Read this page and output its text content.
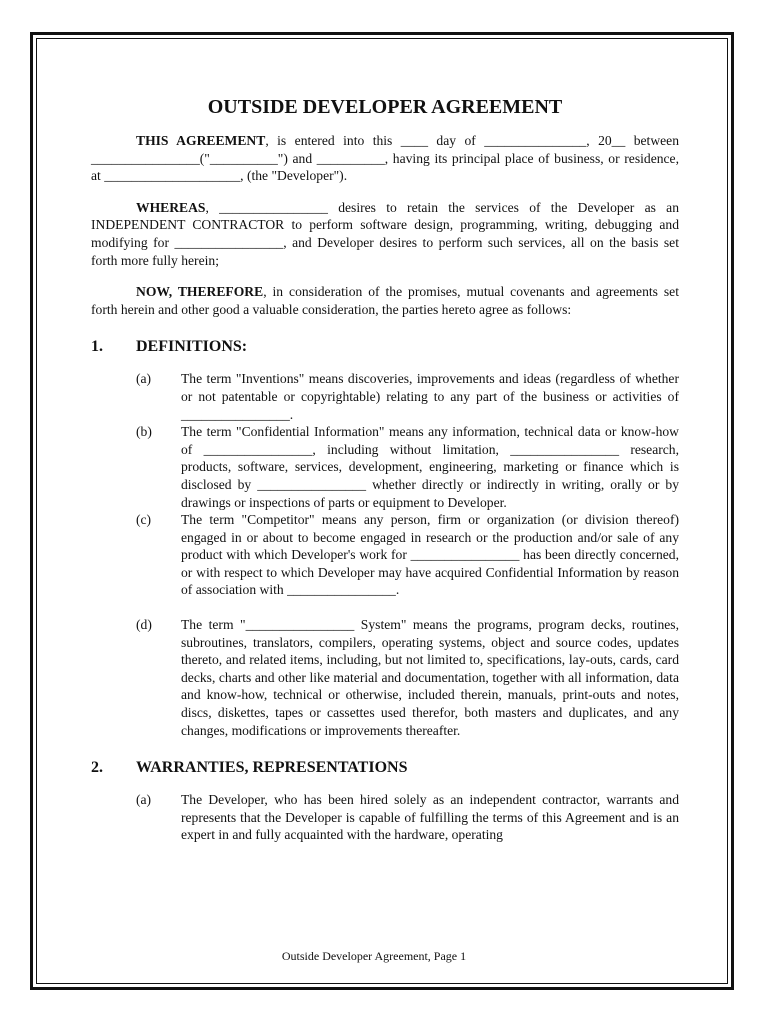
OUTSIDE DEVELOPER AGREEMENT

THIS AGREEMENT, is entered into this ____ day of _______________, 20__ between ________________("__________") and __________, having its principal place of business, or residence, at ____________________, (the "Developer").

WHEREAS, ________________ desires to retain the services of the Developer as an INDEPENDENT CONTRACTOR to perform software design, programming, writing, debugging and modifying for ________________, and Developer desires to perform such services, all on the basis set forth more fully herein;

NOW, THEREFORE, in consideration of the promises, mutual covenants and agreements set forth herein and other good a valuable consideration, the parties hereto agree as follows:

1.	DEFINITIONS:
(a)	The term "Inventions" means discoveries, improvements and ideas (regardless of whether or not patentable or copyrightable) relating to any part of the business or activities of ________________.
(b)	The term "Confidential Information" means any information, technical data or know-how of ________________, including without limitation, ________________ research, products, software, services, development, engineering, marketing or finance which is disclosed by ________________ whether directly or indirectly in writing, orally or by drawings or inspections of parts or equipment to Developer.
(c)	The term "Competitor" means any person, firm or organization (or division thereof) engaged in or about to become engaged in research or the production and/or sale of any product with which Developer's work for ________________ has been directly concerned, or with respect to which Developer may have acquired Confidential Information by reason of association with ________________.
(d)	The term "________________ System" means the programs, program decks, routines, subroutines, translators, compilers, operating systems, object and source codes, updates thereto, and related items, including, but not limited to, specifications, lay-outs, cards, card decks, charts and other like material and documentation, together with all information, data and know-how, technical or otherwise, included therein, manuals, print-outs and notes, discs, diskettes, tapes or cassettes used therefor, both masters and duplicates, and any changes, modifications or improvements thereafter.
2.	WARRANTIES, REPRESENTATIONS
(a)	The Developer, who has been hired solely as an independent contractor, warrants and represents that the Developer is capable of fulfilling the terms of this Agreement and is an expert in and fully acquainted with the hardware, operating
Outside Developer Agreement, Page 1
